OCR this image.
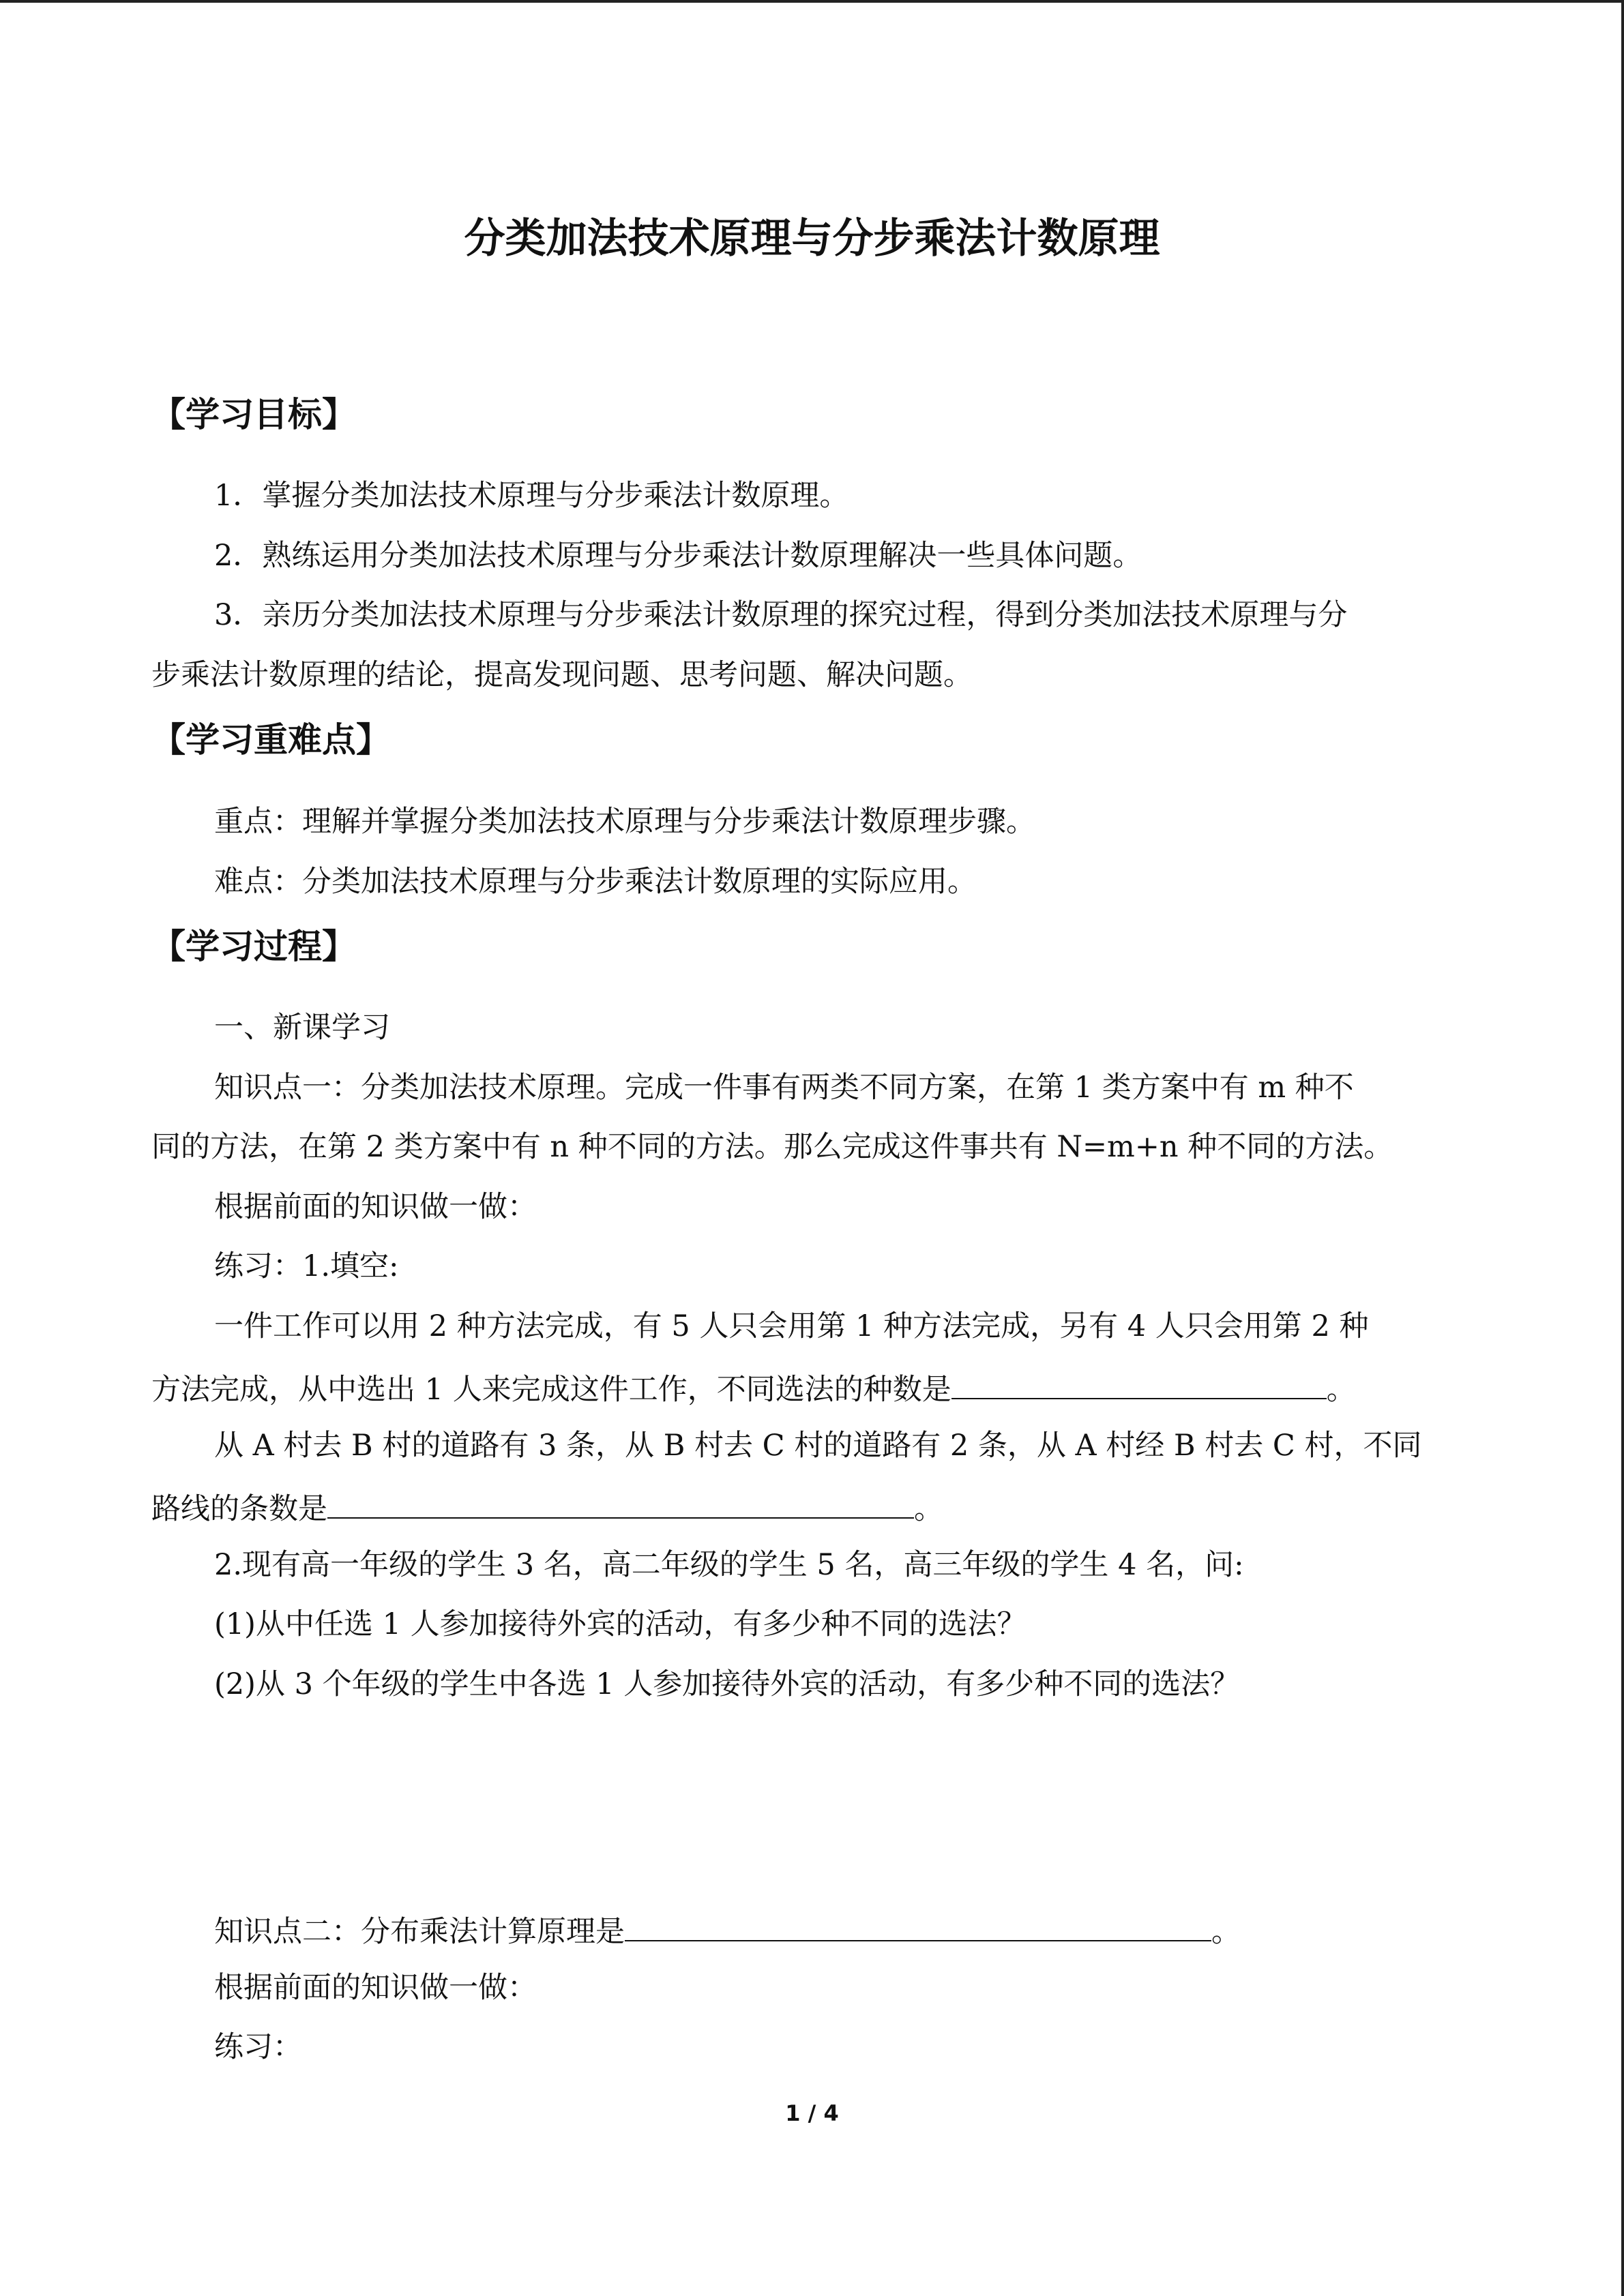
分类加法技术原理与分步乘法计数原理
【学习目标】
1．掌握分类加法技术原理与分步乘法计数原理。
2．熟练运用分类加法技术原理与分步乘法计数原理解决一些具体问题。
3．亲历分类加法技术原理与分步乘法计数原理的探究过程，得到分类加法技术原理与分
步乘法计数原理的结论，提高发现问题、思考问题、解决问题。
【学习重难点】
重点：理解并掌握分类加法技术原理与分步乘法计数原理步骤。
难点：分类加法技术原理与分步乘法计数原理的实际应用。
【学习过程】
一、新课学习
知识点一：分类加法技术原理。完成一件事有两类不同方案，在第 1 类方案中有 m 种不
同的方法，在第 2 类方案中有 n 种不同的方法。那么完成这件事共有 N=m+n 种不同的方法。
根据前面的知识做一做：
练习：1.填空:
一件工作可以用 2 种方法完成，有 5 人只会用第 1 种方法完成，另有 4 人只会用第 2 种
方法完成，从中选出 1 人来完成这件工作，不同选法的种数是	。
从 A 村去 B 村的道路有 3 条，从 B 村去 C 村的道路有 2 条，从 A 村经 B 村去 C 村，不同
路线的条数是	。
2.现有高一年级的学生 3 名，高二年级的学生 5 名，高三年级的学生 4 名，问:
(1)从中任选 1 人参加接待外宾的活动，有多少种不同的选法？
(2)从 3 个年级的学生中各选 1 人参加接待外宾的活动，有多少种不同的选法？
知识点二：分布乘法计算原理是	。
根据前面的知识做一做：
练习：
1 / 4
